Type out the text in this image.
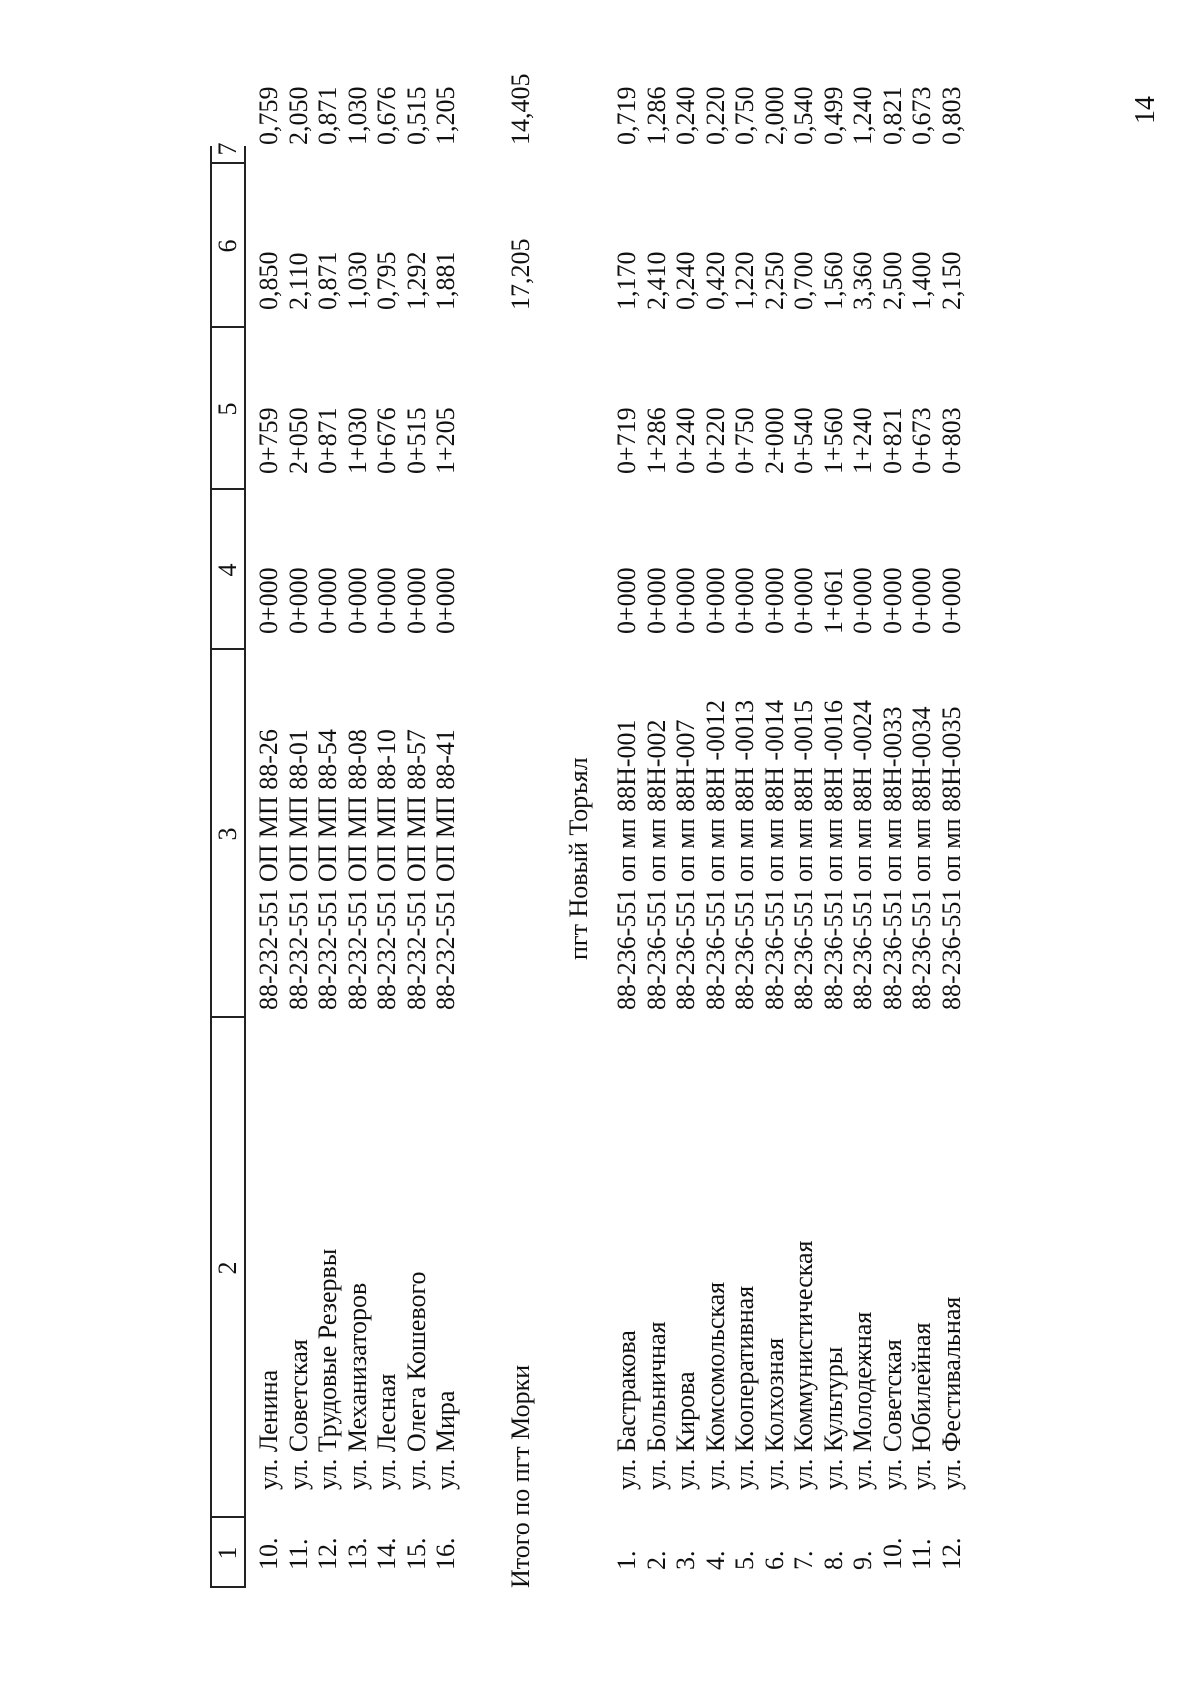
14
1
2
3
4
5
6
7
10.
ул. Ленина
88-232-551 ОП МП 88-26
0+000
0+759
0,850
0,759
11.
ул. Советская
88-232-551 ОП МП 88-01
0+000
2+050
2,110
2,050
12.
ул. Трудовые Резервы
88-232-551 ОП МП 88-54
0+000
0+871
0,871
0,871
13.
ул. Механизаторов
88-232-551 ОП МП 88-08
0+000
1+030
1,030
1,030
14.
ул. Лесная
88-232-551 ОП МП 88-10
0+000
0+676
0,795
0,676
15.
ул. Олега Кошевого
88-232-551 ОП МП 88-57
0+000
0+515
1,292
0,515
16.
ул. Мира
88-232-551 ОП МП 88-41
0+000
1+205
1,881
1,205
Итого по пгт Морки
17,205
14,405
пгт Новый Торъял
1.
ул. Бастракова
88-236-551 оп мп 88Н-001
0+000
0+719
1,170
0,719
2.
ул. Больничная
88-236-551 оп мп 88Н-002
0+000
1+286
2,410
1,286
3.
ул. Кирова
88-236-551 оп мп 88Н-007
0+000
0+240
0,240
0,240
4.
ул. Комсомольская
88-236-551 оп мп 88Н -0012
0+000
0+220
0,420
0,220
5.
ул. Кооперативная
88-236-551 оп мп 88Н -0013
0+000
0+750
1,220
0,750
6.
ул. Колхозная
88-236-551 оп мп 88Н -0014
0+000
2+000
2,250
2,000
7.
ул. Коммунистическая
88-236-551 оп мп 88Н -0015
0+000
0+540
0,700
0,540
8.
ул. Культуры
88-236-551 оп мп 88Н -0016
1+061
1+560
1,560
0,499
9.
ул. Молодежная
88-236-551 оп мп 88Н -0024
0+000
1+240
3,360
1,240
10.
ул. Советская
88-236-551 оп мп 88Н-0033
0+000
0+821
2,500
0,821
11.
ул. Юбилейная
88-236-551 оп мп 88Н-0034
0+000
0+673
1,400
0,673
12.
ул. Фестивальная
88-236-551 оп мп 88Н-0035
0+000
0+803
2,150
0,803
